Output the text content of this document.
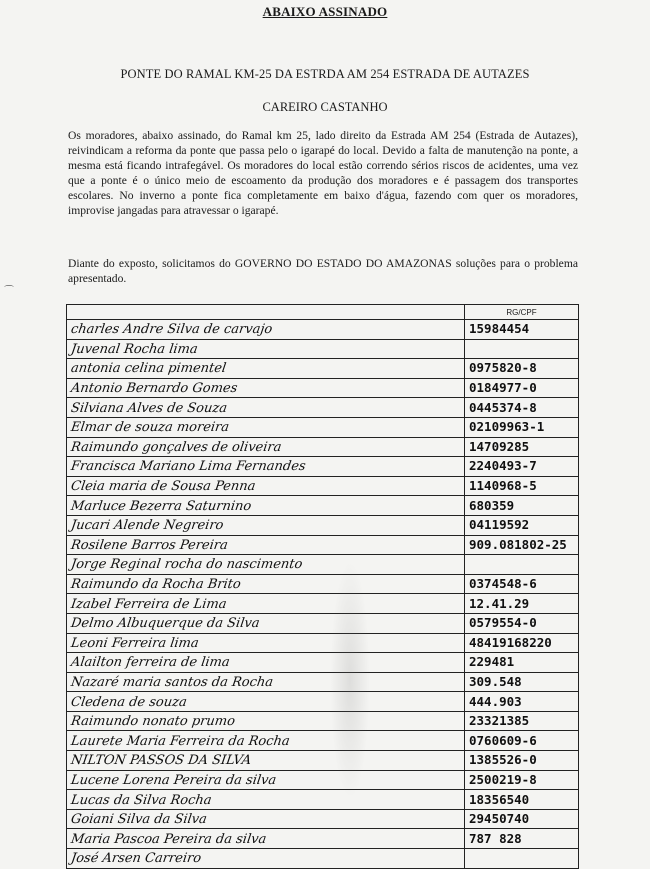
ABAIXO ASSINADO
PONTE DO RAMAL KM-25 DA ESTRDA AM 254 ESTRADA DE AUTAZES
CAREIRO CASTANHO
Os moradores, abaixo assinado, do Ramal km 25, lado direito da Estrada AM 254 (Estrada de Autazes), reivindicam a reforma da ponte que passa pelo o igarapé do local. Devido a falta de manutenção na ponte, a mesma está ficando intrafegável. Os moradores do local estão correndo sérios riscos de acidentes, uma vez que a ponte é o único meio de escoamento da produção dos moradores e é passagem dos transportes escolares. No inverno a ponte fica completamente em baixo d'água, fazendo com quer os moradores, improvise jangadas para atravessar o igarapé.
Diante do exposto, solicitamos do GOVERNO DO ESTADO DO AMAZONAS soluções para o problema apresentado.
	RG/CPF
charles Andre Silva de carvajo	15984454
Juvenal Rocha lima	
antonia celina pimentel	0975820-8
Antonio Bernardo Gomes	0184977-0
Silviana Alves de Souza	0445374-8
Elmar de souza moreira	02109963-1
Raimundo gonçalves de oliveira	14709285
Francisca Mariano Lima Fernandes	2240493-7
Cleia maria de Sousa Penna	1140968-5
Marluce Bezerra Saturnino	680359
Jucari Alende Negreiro	04119592
Rosilene Barros Pereira	909.081802-25
Jorge Reginal rocha do nascimento	
Raimundo da Rocha Brito	0374548-6
Izabel Ferreira de Lima	12.41.29
Delmo Albuquerque da Silva	0579554-0
Leoni Ferreira lima	48419168220
Alailton ferreira de lima	229481
Nazaré maria santos da Rocha	309.548
Cledena de souza	444.903
Raimundo nonato prumo	23321385
Laurete Maria Ferreira da Rocha	0760609-6
NILTON PASSOS DA SILVA	1385526-0
Lucene Lorena Pereira da silva	2500219-8
Lucas da Silva Rocha	18356540
Goiani Silva da Silva	29450740
Maria Pascoa Pereira da silva	787 828
José Arsen Carreiro	
⌒
